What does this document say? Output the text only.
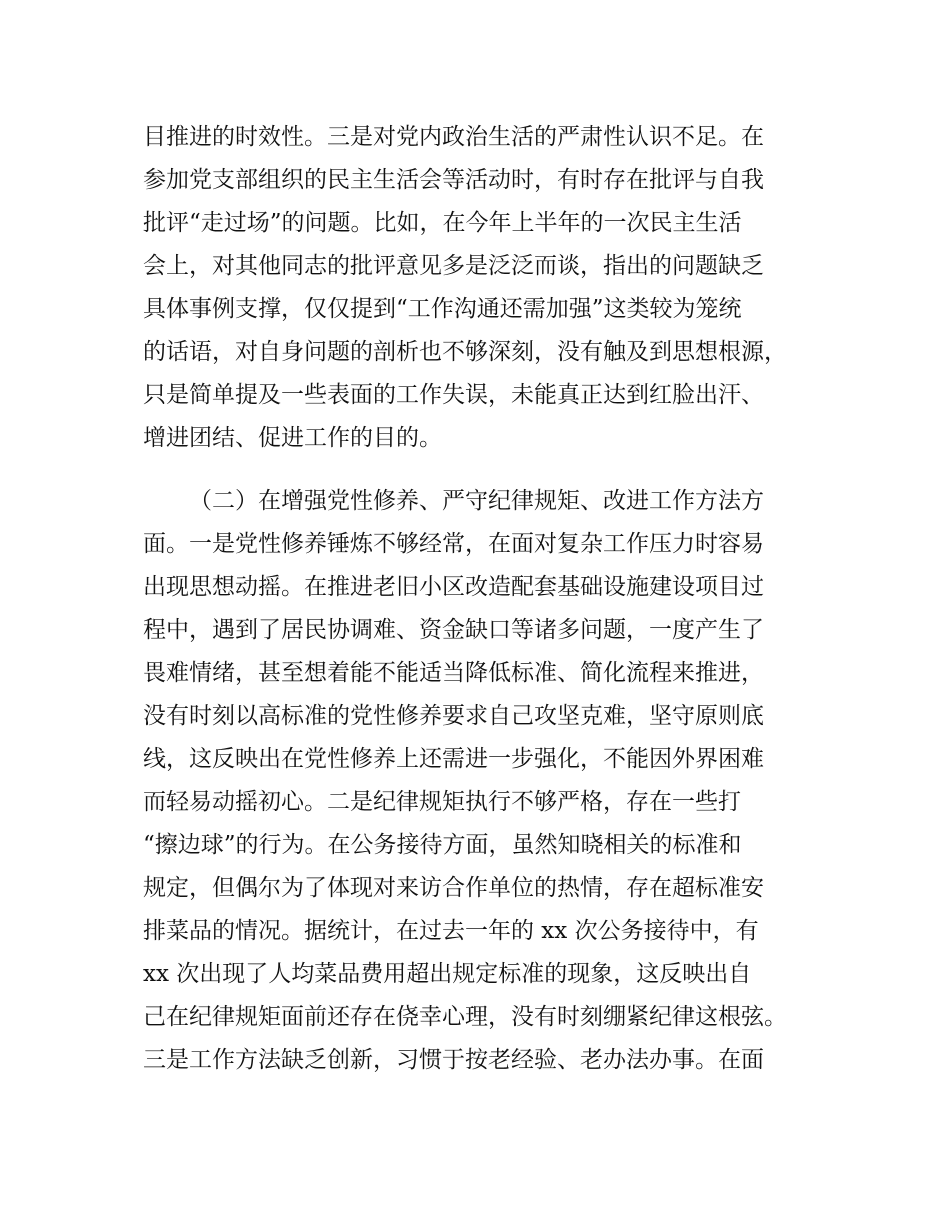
目推进的时效性。三是对党内政治生活的严肃性认识不足。在
参加党支部组织的民主生活会等活动时，有时存在批评与自我
批评“走过场”的问题。比如，在今年上半年的一次民主生活
会上，对其他同志的批评意见多是泛泛而谈，指出的问题缺乏
具体事例支撑，仅仅提到“工作沟通还需加强”这类较为笼统
的话语，对自身问题的剖析也不够深刻，没有触及到思想根源，
只是简单提及一些表面的工作失误，未能真正达到红脸出汗、
增进团结、促进工作的目的。
（二）在增强党性修养、严守纪律规矩、改进工作方法方
面。一是党性修养锤炼不够经常，在面对复杂工作压力时容易
出现思想动摇。在推进老旧小区改造配套基础设施建设项目过
程中，遇到了居民协调难、资金缺口等诸多问题，一度产生了
畏难情绪，甚至想着能不能适当降低标准、简化流程来推进，
没有时刻以高标准的党性修养要求自己攻坚克难，坚守原则底
线，这反映出在党性修养上还需进一步强化，不能因外界困难
而轻易动摇初心。二是纪律规矩执行不够严格，存在一些打
“擦边球”的行为。在公务接待方面，虽然知晓相关的标准和
规定，但偶尔为了体现对来访合作单位的热情，存在超标准安
排菜品的情况。据统计，在过去一年的 xx 次公务接待中，有
xx 次出现了人均菜品费用超出规定标准的现象，这反映出自
己在纪律规矩面前还存在侥幸心理，没有时刻绷紧纪律这根弦。
三是工作方法缺乏创新，习惯于按老经验、老办法办事。在面
